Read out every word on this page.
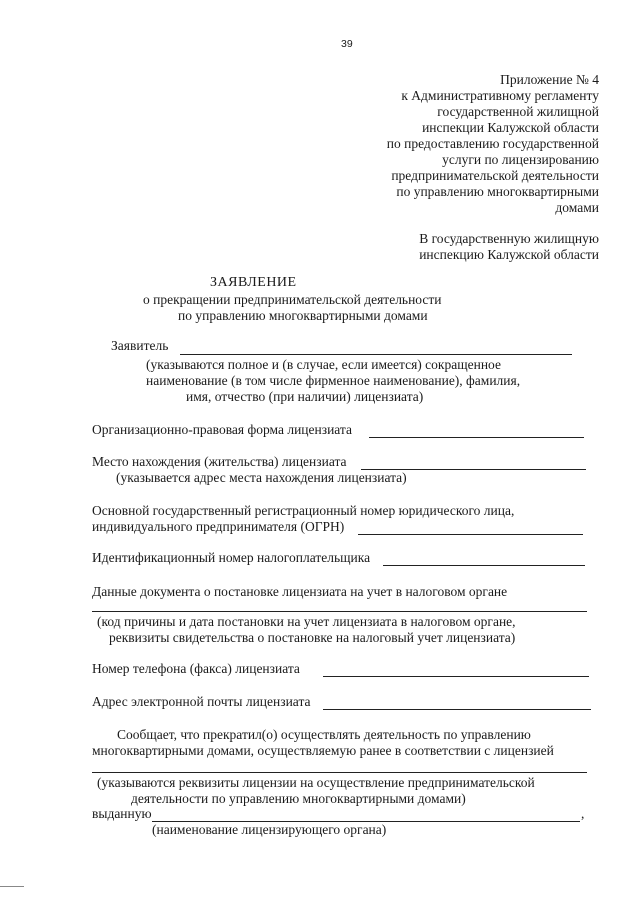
39
Приложение № 4
к Административному регламенту
государственной жилищной
инспекции Калужской области
по предоставлению государственной
услуги по лицензированию
предпринимательской деятельности
по управлению многоквартирными
домами
В государственную жилищную
инспекцию Калужской области
ЗАЯВЛЕНИЕ
о прекращении предпринимательской деятельности
по управлению многоквартирными домами
Заявитель
(указываются полное и (в случае, если имеется) сокращенное
наименование (в том числе фирменное наименование), фамилия,
имя, отчество (при наличии) лицензиата)
Организационно-правовая форма лицензиата
Место нахождения (жительства) лицензиата
(указывается адрес места нахождения лицензиата)
Основной государственный регистрационный номер юридического лица,
индивидуального предпринимателя (ОГРН)
Идентификационный номер налогоплательщика
Данные документа о постановке лицензиата на учет в налоговом органе
(код причины и дата постановки на учет лицензиата в налоговом органе,
реквизиты свидетельства о постановке на налоговый учет лицензиата)
Номер телефона (факса) лицензиата
Адрес электронной почты лицензиата
Сообщает, что прекратил(о) осуществлять деятельность по управлению
многоквартирными домами, осуществляемую ранее в соответствии с лицензией
(указываются реквизиты лицензии на осуществление предпринимательской
деятельности по управлению многоквартирными домами)
выданную	,
(наименование лицензирующего органа)
